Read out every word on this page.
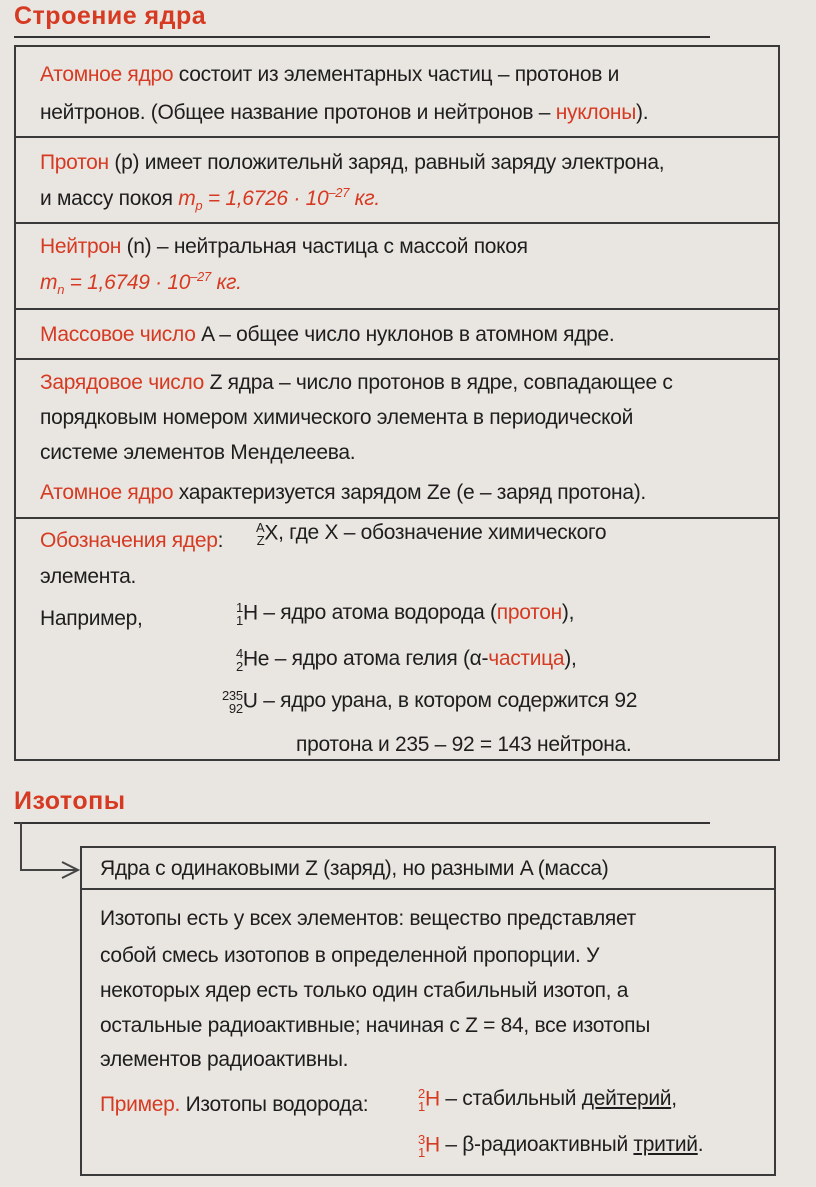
Строение ядра
Атомное ядро состоит из элементарных частиц – протонов и
нейтронов. (Общее название протонов и нейтронов – нуклоны).
Протон (p) имеет положительнй заряд, равный заряду электрона,
и массу покоя $m_p = 1,6726 \cdot 10^{-27}$ кг.
Нейтрон (n) – нейтральная частица с массой покоя
$m_n = 1,6749 \cdot 10^{-27}$ кг.
Массовое число A – общее число нуклонов в атомном ядре.
Зарядовое число Z ядра – число протонов в ядре, совпадающее с
порядковым номером химического элемента в периодической
системе элементов Менделеева.
Атомное ядро характеризуется зарядом Ze (e – заряд протона).
Обозначения ядер:
A
Z X, где X – обозначение химического
элемента.
Например,	1
1 H – ядро атома водорода (протон),
4
2 He – ядро атома гелия (α-частица),
235
92 U – ядро урана, в котором содержится 92
протона и 235 – 92 = 143 нейтрона.
Изотопы
Ядра с одинаковыми Z (заряд), но разными A (масса)
Изотопы есть у всех элементов: вещество представляет
собой смесь изотопов в определенной пропорции. У
некоторых ядер есть только один стабильный изотоп, а
остальные радиоактивные; начиная с Z = 84, все изотопы
элементов радиоактивны.
Пример. Изотопы водорода:	2
1 H – стабильный дейтерий,
3
1 H – β-радиоактивный тритий.
